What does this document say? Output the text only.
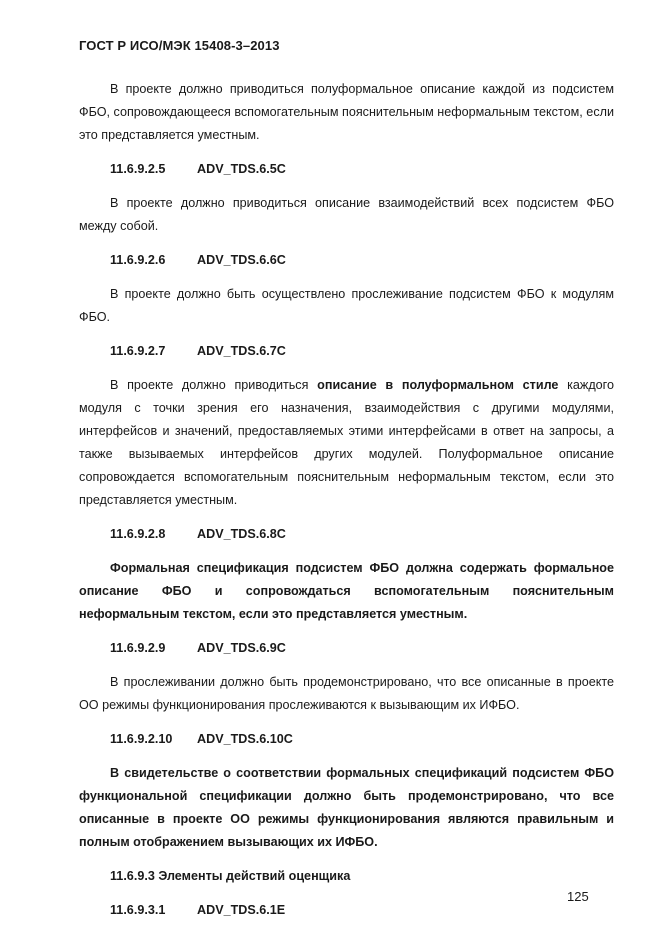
ГОСТ Р ИСО/МЭК 15408-3–2013

В проекте должно приводиться полуформальное описание каждой из подсистем ФБО, сопровождающееся вспомогательным пояснительным неформальным текстом, если это представляется уместным.

11.6.9.2.5	ADV_TDS.6.5C

В проекте должно приводиться описание взаимодействий всех подсистем ФБО между собой.

11.6.9.2.6	ADV_TDS.6.6C

В проекте должно быть осуществлено прослеживание подсистем ФБО к модулям ФБО.

11.6.9.2.7	ADV_TDS.6.7C

В проекте должно приводиться описание в полуформальном стиле каждого модуля с точки зрения его назначения, взаимодействия с другими модулями, интерфейсов и значений, предоставляемых этими интерфейсами в ответ на запросы, а также вызываемых интерфейсов других модулей. Полуформальное описание сопровождается вспомогательным пояснительным неформальным текстом, если это представляется уместным.

11.6.9.2.8	ADV_TDS.6.8C

Формальная спецификация подсистем ФБО должна содержать формальное описание ФБО и сопровождаться вспомогательным пояснительным неформальным текстом, если это представляется уместным.

11.6.9.2.9	ADV_TDS.6.9C

В прослеживании должно быть продемонстрировано, что все описанные в проекте ОО режимы функционирования прослеживаются к вызывающим их ИФБО.

11.6.9.2.10 ADV_TDS.6.10C

В свидетельстве о соответствии формальных спецификаций подсистем ФБО функциональной спецификации должно быть продемонстрировано, что все описанные в проекте ОО режимы функционирования являются правильным и полным отображением вызывающих их ИФБО.

11.6.9.3 Элементы действий оценщика
11.6.9.3.1	ADV_TDS.6.1E
125
